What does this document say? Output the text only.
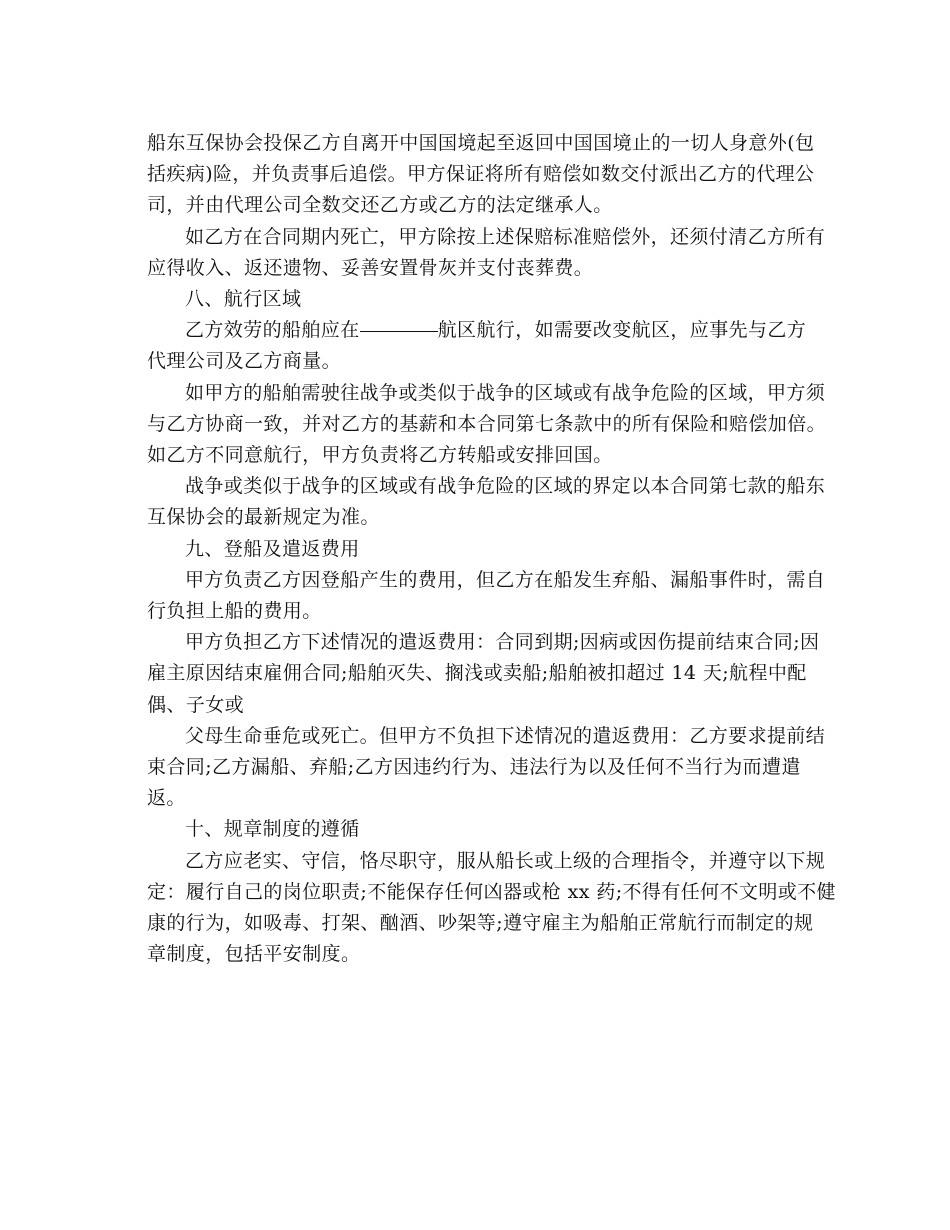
船东互保协会投保乙方自离开中国国境起至返回中国国境止的一切人身意外(包
括疾病)险，并负责事后追偿。甲方保证将所有赔偿如数交付派出乙方的代理公
司，并由代理公司全数交还乙方或乙方的法定继承人。
如乙方在合同期内死亡，甲方除按上述保赔标准赔偿外，还须付清乙方所有
应得收入、返还遗物、妥善安置骨灰并支付丧葬费。
八、航行区域
乙方效劳的船舶应在	航区航行，如需要改变航区，应事先与乙方
代理公司及乙方商量。
如甲方的船舶需驶往战争或类似于战争的区域或有战争危险的区域，甲方须
与乙方协商一致，并对乙方的基薪和本合同第七条款中的所有保险和赔偿加倍。
如乙方不同意航行，甲方负责将乙方转船或安排回国。
战争或类似于战争的区域或有战争危险的区域的界定以本合同第七款的船东
互保协会的最新规定为准。
九、登船及遣返费用
甲方负责乙方因登船产生的费用，但乙方在船发生弃船、漏船事件时，需自
行负担上船的费用。
甲方负担乙方下述情况的遣返费用：合同到期;因病或因伤提前结束合同;因
雇主原因结束雇佣合同;船舶灭失、搁浅或卖船;船舶被扣超过 14 天;航程中配
偶、子女或
父母生命垂危或死亡。但甲方不负担下述情况的遣返费用：乙方要求提前结
束合同;乙方漏船、弃船;乙方因违约行为、违法行为以及任何不当行为而遭遣
返。
十、规章制度的遵循
乙方应老实、守信，恪尽职守，服从船长或上级的合理指令，并遵守以下规
定：履行自己的岗位职责;不能保存任何凶器或枪 xx 药;不得有任何不文明或不健
康的行为，如吸毒、打架、酗酒、吵架等;遵守雇主为船舶正常航行而制定的规
章制度，包括平安制度。
